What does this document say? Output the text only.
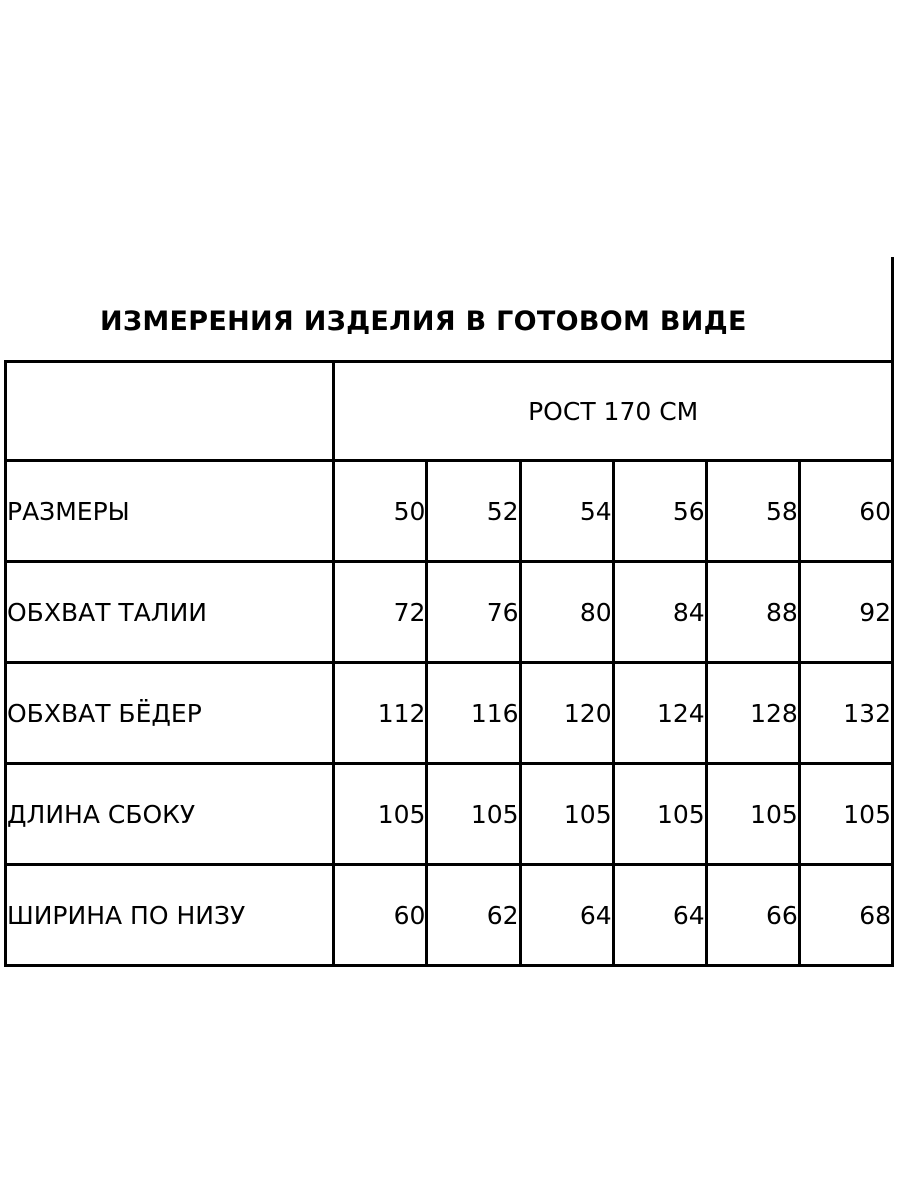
ИЗМЕРЕНИЯ ИЗДЕЛИЯ В ГОТОВОМ ВИДЕ
	РОСТ 170 СМ					
РАЗМЕРЫ	50	52	54	56	58	60
ОБХВАТ ТАЛИИ	72	76	80	84	88	92
ОБХВАТ БЁДЕР	112	116	120	124	128	132
ДЛИНА СБОКУ	105	105	105	105	105	105
ШИРИНА ПО НИЗУ	60	62	64	64	66	68
